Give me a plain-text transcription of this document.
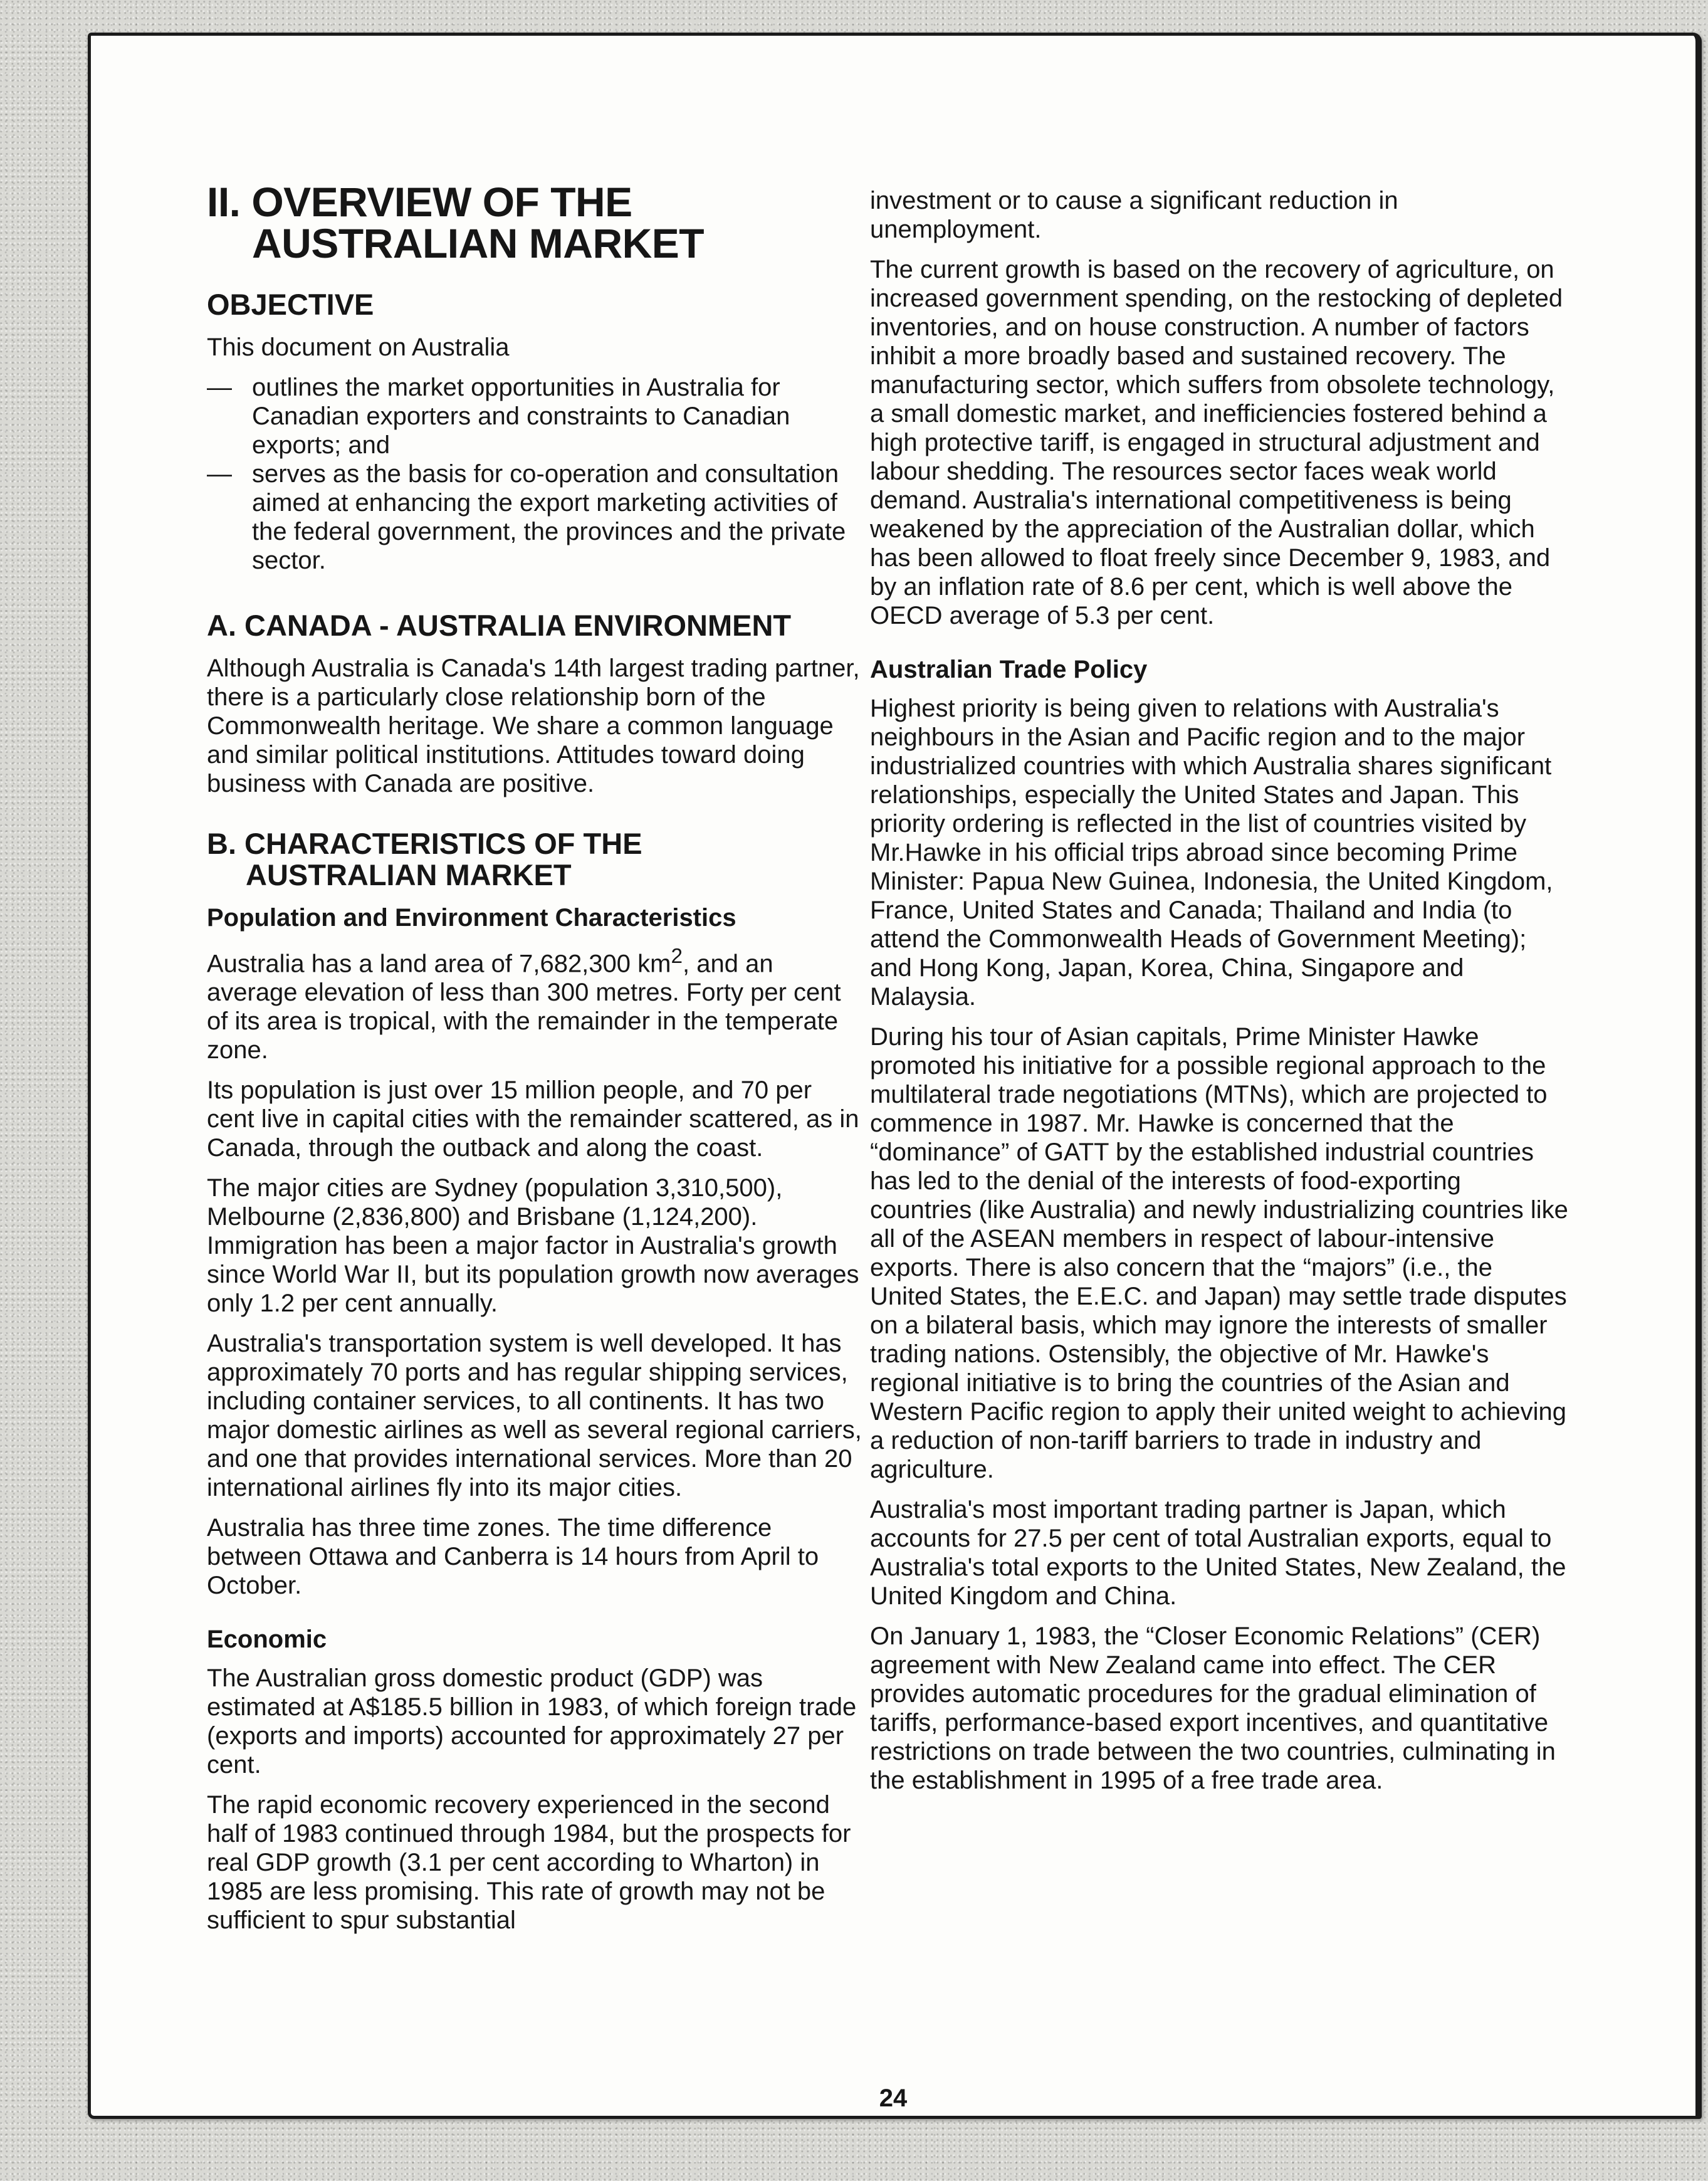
II. OVERVIEW OF THE
AUSTRALIAN MARKET
OBJECTIVE

This document on Australia

— outlines the market opportunities in Australia for Canadian exporters and constraints to Canadian exports; and
— serves as the basis for co-operation and consultation aimed at enhancing the export marketing activities of the federal government, the provinces and the private sector.
A. CANADA - AUSTRALIA ENVIRONMENT

Although Australia is Canada's 14th largest trading partner, there is a particularly close relationship born of the Commonwealth heritage. We share a common language and similar political institutions. Attitudes toward doing business with Canada are positive.

B. CHARACTERISTICS OF THE
AUSTRALIAN MARKET
Population and Environment Characteristics

Australia has a land area of 7,682,300 $km^2$, and an average elevation of less than 300 metres. Forty per cent of its area is tropical, with the remainder in the temperate zone.

Its population is just over 15 million people, and 70 per cent live in capital cities with the remainder scattered, as in Canada, through the outback and along the coast.

The major cities are Sydney (population 3,310,500), Melbourne (2,836,800) and Brisbane (1,124,200). Immigration has been a major factor in Australia's growth since World War II, but its population growth now averages only 1.2 per cent annually.

Australia's transportation system is well developed. It has approximately 70 ports and has regular shipping services, including container services, to all continents. It has two major domestic airlines as well as several regional carriers, and one that provides international services. More than 20 international airlines fly into its major cities.

Australia has three time zones. The time difference between Ottawa and Canberra is 14 hours from April to October.

Economic

The Australian gross domestic product (GDP) was estimated at A$185.5 billion in 1983, of which foreign trade (exports and imports) accounted for approximately 27 per cent.

The rapid economic recovery experienced in the second half of 1983 continued through 1984, but the prospects for real GDP growth (3.1 per cent according to Wharton) in 1985 are less promising. This rate of growth may not be sufficient to spur substantial

investment or to cause a significant reduction in unemployment.

The current growth is based on the recovery of agriculture, on increased government spending, on the restocking of depleted inventories, and on house construction. A number of factors inhibit a more broadly based and sustained recovery. The manufacturing sector, which suffers from obsolete technology, a small domestic market, and inefficiencies fostered behind a high protective tariff, is engaged in structural adjustment and labour shedding. The resources sector faces weak world demand. Australia's international competitiveness is being weakened by the appreciation of the Australian dollar, which has been allowed to float freely since December 9, 1983, and by an inflation rate of 8.6 per cent, which is well above the OECD average of 5.3 per cent.

Australian Trade Policy

Highest priority is being given to relations with Australia's neighbours in the Asian and Pacific region and to the major industrialized countries with which Australia shares significant relationships, especially the United States and Japan. This priority ordering is reflected in the list of countries visited by Mr.Hawke in his official trips abroad since becoming Prime Minister: Papua New Guinea, Indonesia, the United Kingdom, France, United States and Canada; Thailand and India (to attend the Commonwealth Heads of Government Meeting); and Hong Kong, Japan, Korea, China, Singapore and Malaysia.

During his tour of Asian capitals, Prime Minister Hawke promoted his initiative for a possible regional approach to the multilateral trade negotiations (MTNs), which are projected to commence in 1987. Mr. Hawke is concerned that the “dominance” of GATT by the established industrial countries has led to the denial of the interests of food-exporting countries (like Australia) and newly industrializing countries like all of the ASEAN members in respect of labour-intensive exports. There is also concern that the “majors” (i.e., the United States, the E.E.C. and Japan) may settle trade disputes on a bilateral basis, which may ignore the interests of smaller trading nations. Ostensibly, the objective of Mr. Hawke's regional initiative is to bring the countries of the Asian and Western Pacific region to apply their united weight to achieving a reduction of non-tariff barriers to trade in industry and agriculture.

Australia's most important trading partner is Japan, which accounts for 27.5 per cent of total Australian exports, equal to Australia's total exports to the United States, New Zealand, the United Kingdom and China.

On January 1, 1983, the “Closer Economic Relations” (CER) agreement with New Zealand came into effect. The CER provides automatic procedures for the gradual elimination of tariffs, performance-based export incentives, and quantitative restrictions on trade between the two countries, culminating in the establishment in 1995 of a free trade area.

24
